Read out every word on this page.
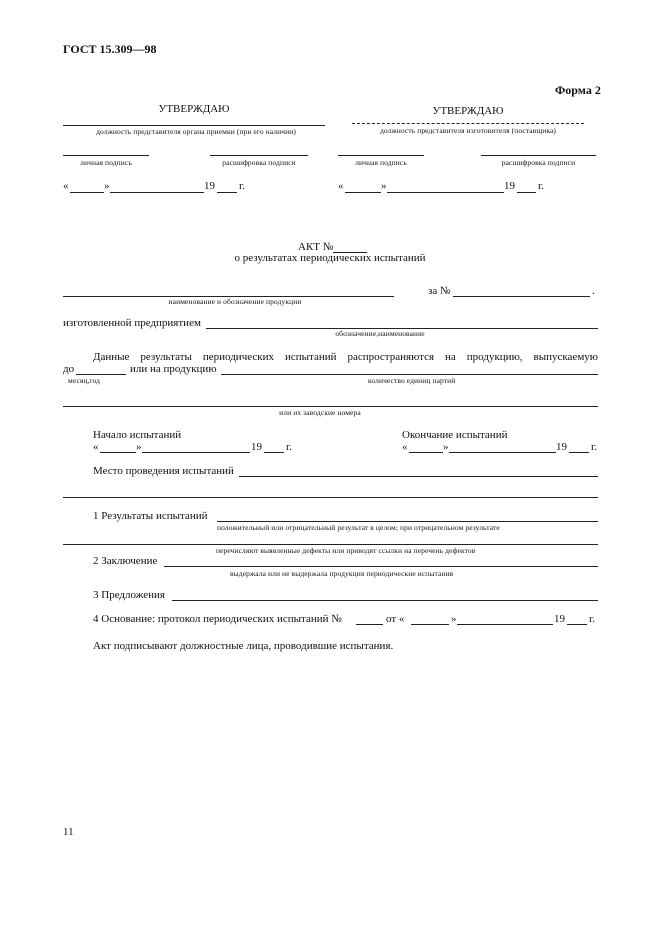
ГОСТ 15.309—98
Форма 2
УТВЕРЖДАЮ
должность представителя органа приемки (при его наличии)
личная подпись	расшифровка подписи
«	»	19 г.
УТВЕРЖДАЮ
должность представителя изготовителя (поставщика)
личная подпись	расшифровка подписи
«	»	19 г.
АКТ №
о результатах периодических испытаний
наименование и обозначение продукции
за №	.
изготовленной предприятием
обозначение,наименование
Данные результаты периодических испытаний распространяются на продукцию, выпускаемую
до	или на продукцию
месяц,год	количество единиц партий
или их заводские номера
Начало испытаний	Окончание испытаний
«	»	19 г.	«	»	19 г.
Место проведения испытаний
1 Результаты испытаний
положительный или отрицательный результат в целом; при отрицательном результате
перечисляют выявленные дефекты или приводят ссылки на перечень дефектов
2 Заключение
выдержала или не выдержала продукция периодические испытания
3 Предложения
4 Основание: протокол периодических испытаний №	от «	»	19 г.
Акт подписывают должностные лица, проводившие испытания.
11
